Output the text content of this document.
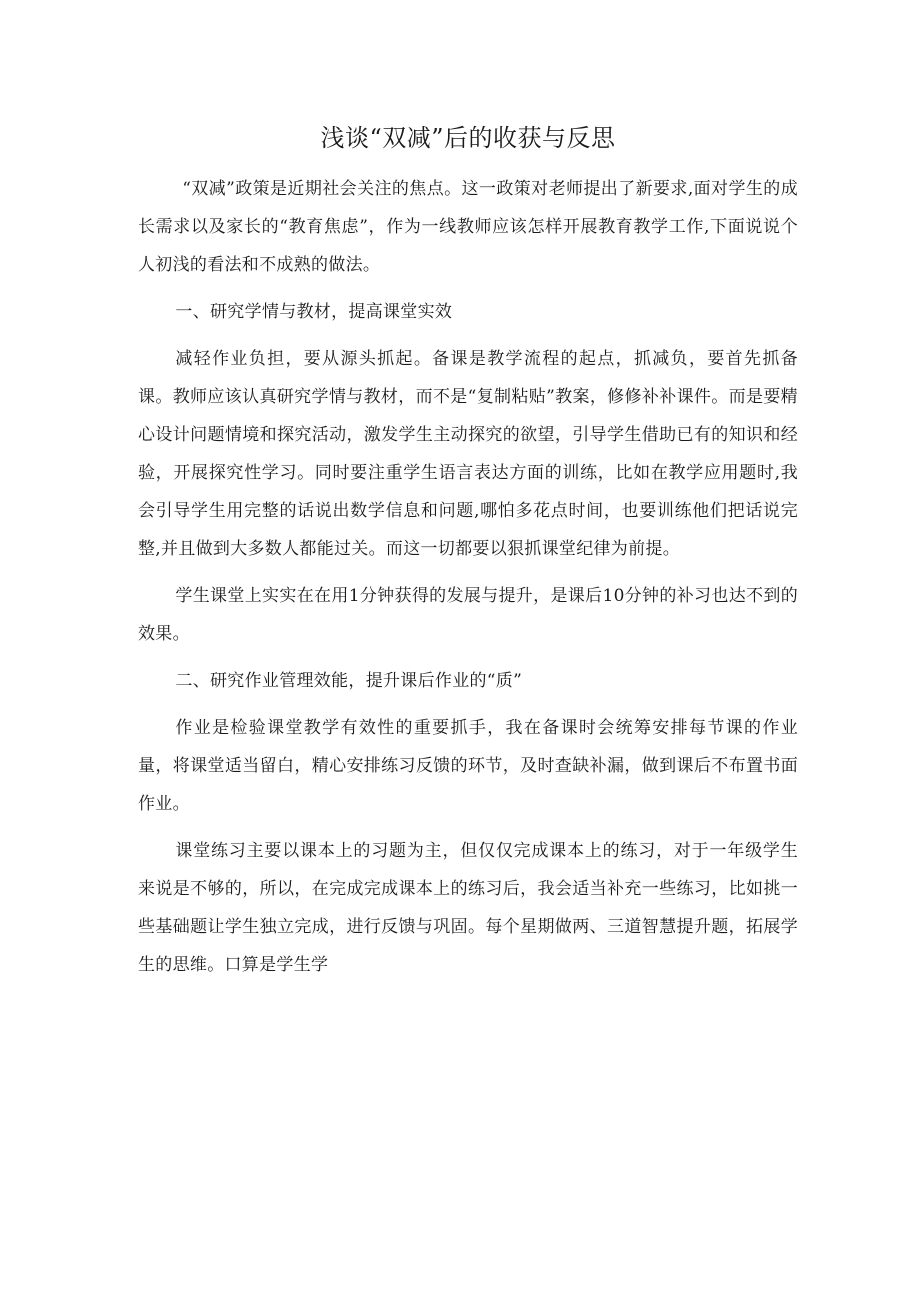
浅谈“双减”后的收获与反思

“双减”政策是近期社会关注的焦点。这一政策对老师提出了新要求,面对学生的成长需求以及家长的“教育焦虑”，作为一线教师应该怎样开展教育教学工作,下面说说个人初浅的看法和不成熟的做法。

一、研究学情与教材，提高课堂实效

减轻作业负担，要从源头抓起。备课是教学流程的起点，抓减负，要首先抓备课。教师应该认真研究学情与教材，而不是“复制粘贴”教案，修修补补课件。而是要精心设计问题情境和探究活动，激发学生主动探究的欲望，引导学生借助已有的知识和经验，开展探究性学习。同时要注重学生语言表达方面的训练，比如在教学应用题时,我会引导学生用完整的话说出数学信息和问题,哪怕多花点时间，也要训练他们把话说完整,并且做到大多数人都能过关。而这一切都要以狠抓课堂纪律为前提。

学生课堂上实实在在用1分钟获得的发展与提升，是课后10分钟的补习也达不到的效果。

二、研究作业管理效能，提升课后作业的“质”

作业是检验课堂教学有效性的重要抓手，我在备课时会统筹安排每节课的作业量，将课堂适当留白，精心安排练习反馈的环节，及时查缺补漏，做到课后不布置书面作业。

课堂练习主要以课本上的习题为主，但仅仅完成课本上的练习，对于一年级学生来说是不够的，所以，在完成完成课本上的练习后，我会适当补充一些练习，比如挑一些基础题让学生独立完成，进行反馈与巩固。每个星期做两、三道智慧提升题，拓展学生的思维。口算是学生学
